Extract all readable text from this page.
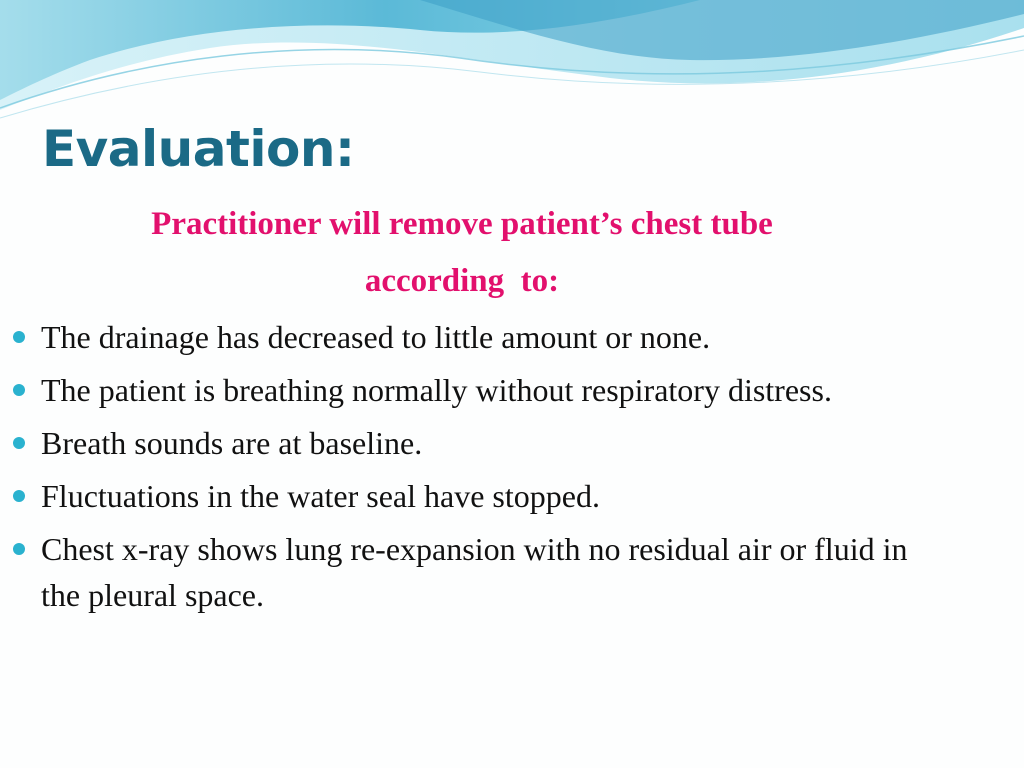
Evaluation:
Practitioner will remove patient’s chest tube
according  to:
The drainage has decreased to little amount or none.
The patient is breathing normally without respiratory distress.
Breath sounds are at baseline.
Fluctuations in the water seal have stopped.
Chest x-ray shows lung re-expansion with no residual air or fluid in the pleural space.
